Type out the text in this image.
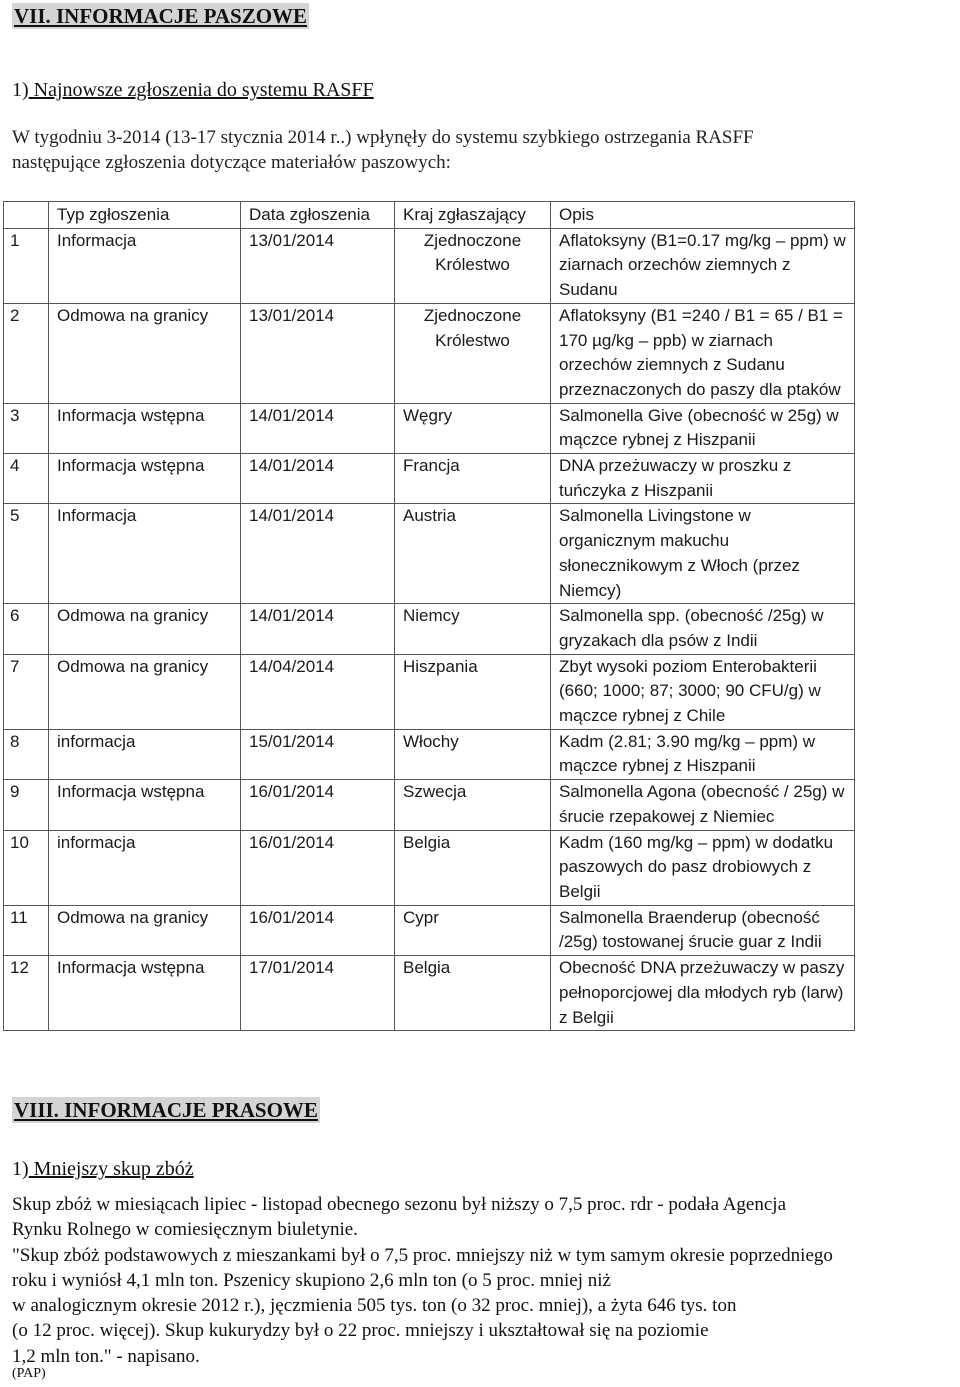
VII. INFORMACJE PASZOWE
1) Najnowsze zgłoszenia do systemu RASFF
W tygodniu 3-2014 (13-17 stycznia 2014 r..) wpłynęły do systemu szybkiego ostrzegania RASFF
następujące zgłoszenia dotyczące materiałów paszowych:
	Typ zgłoszenia	Data zgłoszenia	Kraj zgłaszający	Opis
1	Informacja	13/01/2014	Zjednoczone Królestwo	Aflatoksyny (B1=0.17 mg/kg – ppm) w ziarnach orzechów ziemnych z Sudanu
2	Odmowa na granicy	13/01/2014	Zjednoczone Królestwo	Aflatoksyny (B1 =240 / B1 = 65 / B1 = 170 µg/kg – ppb) w ziarnach orzechów ziemnych z Sudanu przeznaczonych do paszy dla ptaków
3	Informacja wstępna	14/01/2014	Węgry	Salmonella Give (obecność w 25g) w mączce rybnej z Hiszpanii
4	Informacja wstępna	14/01/2014	Francja	DNA przeżuwaczy w proszku z tuńczyka z Hiszpanii
5	Informacja	14/01/2014	Austria	Salmonella Livingstone w organicznym makuchu słonecznikowym z Włoch (przez Niemcy)
6	Odmowa na granicy	14/01/2014	Niemcy	Salmonella spp. (obecność /25g) w gryzakach dla psów z Indii
7	Odmowa na granicy	14/04/2014	Hiszpania	Zbyt wysoki poziom Enterobakterii (660; 1000; 87; 3000; 90 CFU/g) w mączce rybnej z Chile
8	informacja	15/01/2014	Włochy	Kadm (2.81; 3.90 mg/kg – ppm) w mączce rybnej z Hiszpanii
9	Informacja wstępna	16/01/2014	Szwecja	Salmonella Agona (obecność / 25g) w śrucie rzepakowej z Niemiec
10	informacja	16/01/2014	Belgia	Kadm (160 mg/kg – ppm) w dodatku paszowych do pasz drobiowych z Belgii
11	Odmowa na granicy	16/01/2014	Cypr	Salmonella Braenderup (obecność /25g) tostowanej śrucie guar z Indii
12	Informacja wstępna	17/01/2014	Belgia	Obecność DNA przeżuwaczy w paszy pełnoporcjowej dla młodych ryb (larw) z Belgii
VIII. INFORMACJE PRASOWE
1) Mniejszy skup zbóż
Skup zbóż w miesiącach lipiec - listopad obecnego sezonu był niższy o 7,5 proc. rdr - podała Agencja
Rynku Rolnego w comiesięcznym biuletynie.
"Skup zbóż podstawowych z mieszankami był o 7,5 proc. mniejszy niż w tym samym okresie poprzedniego
roku i wyniósł 4,1 mln ton. Pszenicy skupiono 2,6 mln ton (o 5 proc. mniej niż
w analogicznym okresie 2012 r.), jęczmienia 505 tys. ton (o 32 proc. mniej), a żyta 646 tys. ton
(o 12 proc. więcej). Skup kukurydzy był o 22 proc. mniejszy i ukształtował się na poziomie
1,2 mln ton." - napisano.
(PAP)
